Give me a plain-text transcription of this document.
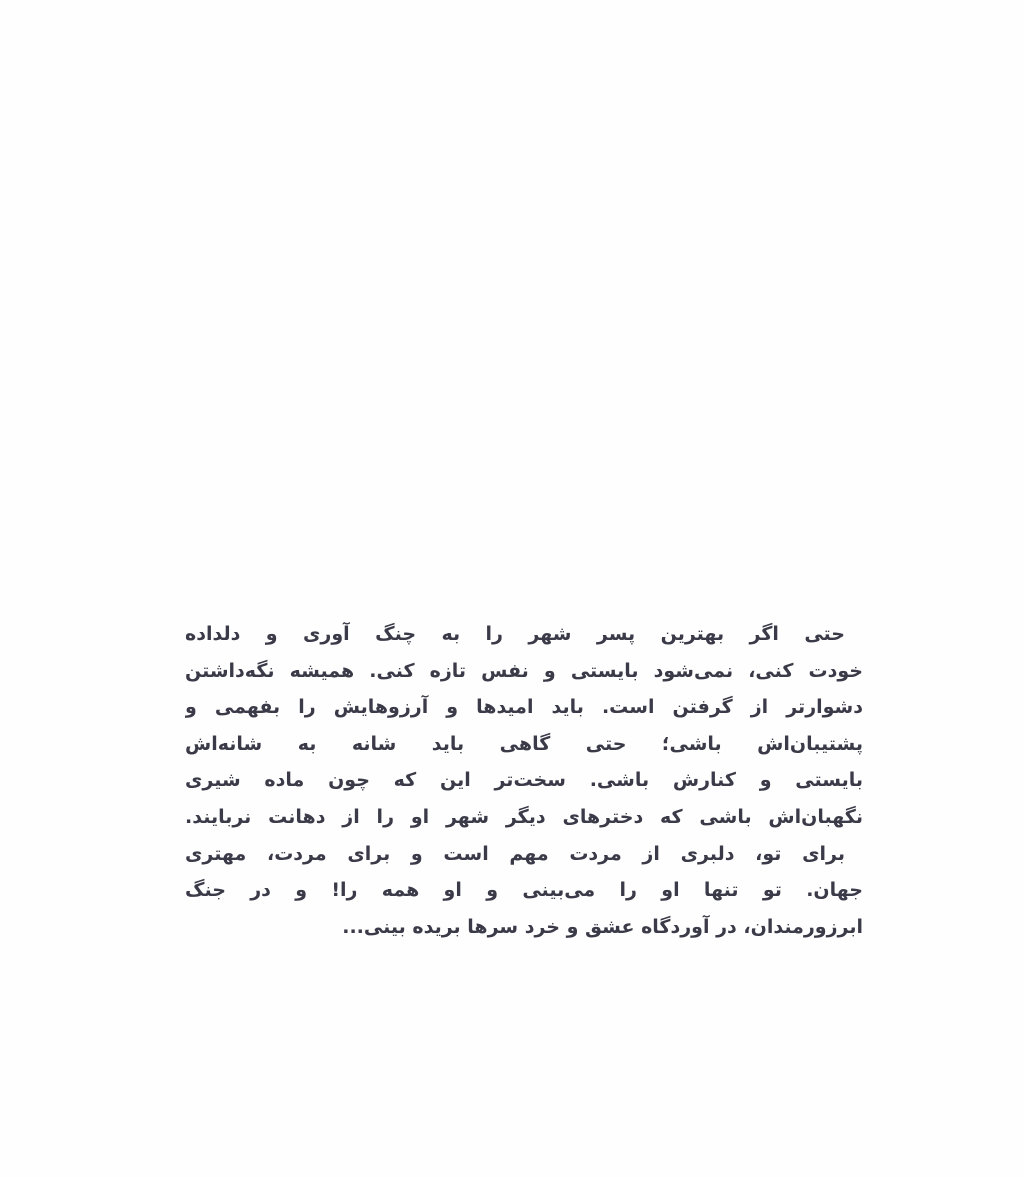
حتی اگر بهترین پسر شهر را به چنگ آوری و دلداده
خودت کنی، نمی‌شود بایستی و نفس تازه کنی. همیشه نگه‌داشتن
دشوارتر از گرفتن است. باید امیدها و آرزوهایش را بفهمی و
پشتیبان‌اش باشی؛ حتی گاهی باید شانه به شانه‌اش
بایستی و کنارش باشی. سخت‌تر این که چون ماده شیری
نگهبان‌اش باشی که دخترهای دیگر شهر او را از دهانت نربایند.
برای تو، دلبری از مردت مهم است و برای مردت، مهتری
جهان. تو تنها او را می‌بینی و او همه را! و در جنگ
ابرزورمندان، در آوردگاه عشق و خرد سرها بریده بینی...
